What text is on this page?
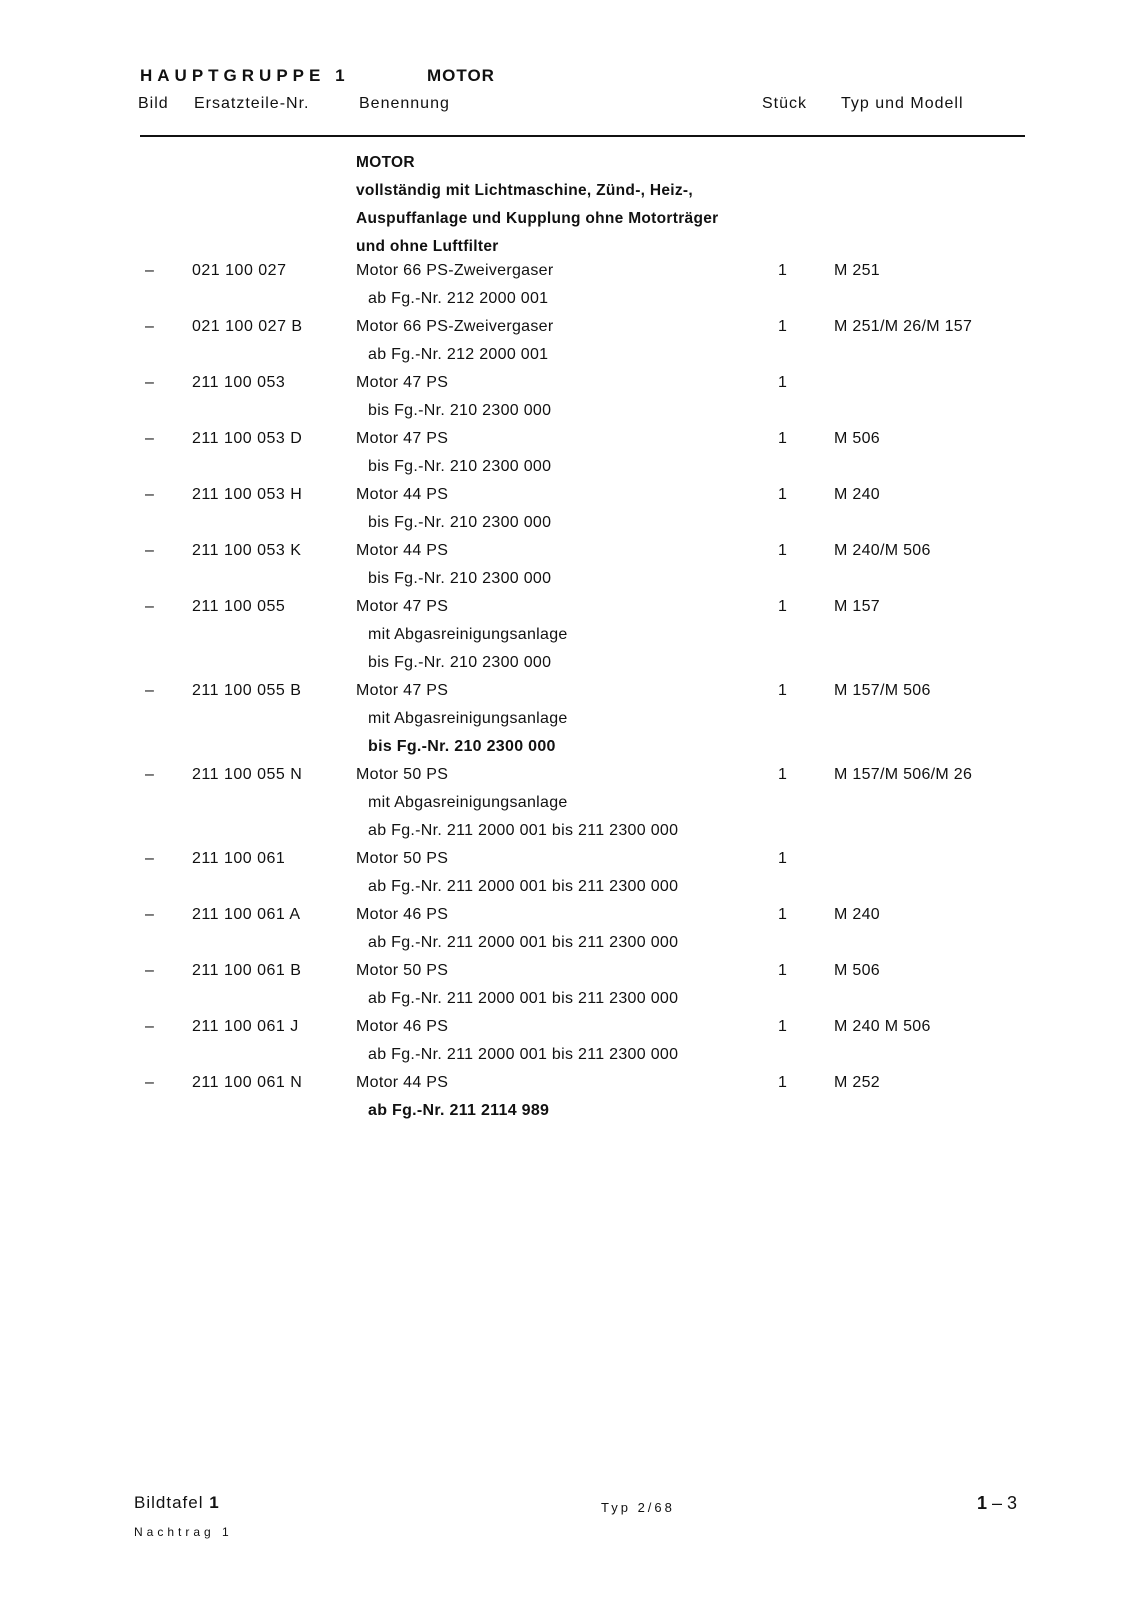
HAUPTGRUPPE 1	MOTOR
Bild Ersatzteile-Nr.	Benennung	Stück Typ und Modell
MOTOR
vollständig mit Lichtmaschine, Zünd-, Heiz-,
Auspuffanlage und Kupplung ohne Motorträger
und ohne Luftfilter
– 021 100 027	Motor 66 PS-Zweivergaser	1	M 251
ab Fg.-Nr. 212 2000 001
– 021 100 027 B	Motor 66 PS-Zweivergaser	1	M 251/M 26/M 157
ab Fg.-Nr. 212 2000 001
– 211 100 053	Motor 47 PS	1
bis Fg.-Nr. 210 2300 000
– 211 100 053 D	Motor 47 PS	1	M 506
bis Fg.-Nr. 210 2300 000
– 211 100 053 H	Motor 44 PS	1	M 240
bis Fg.-Nr. 210 2300 000
– 211 100 053 K	Motor 44 PS	1	M 240/M 506
bis Fg.-Nr. 210 2300 000
– 211 100 055	Motor 47 PS	1	M 157
mit Abgasreinigungsanlage
bis Fg.-Nr. 210 2300 000
– 211 100 055 B	Motor 47 PS	1	M 157/M 506
mit Abgasreinigungsanlage
bis Fg.-Nr. 210 2300 000
– 211 100 055 N	Motor 50 PS	1	M 157/M 506/M 26
mit Abgasreinigungsanlage
ab Fg.-Nr. 211 2000 001 bis 211 2300 000
– 211 100 061	Motor 50 PS	1
ab Fg.-Nr. 211 2000 001 bis 211 2300 000
– 211 100 061 A	Motor 46 PS	1	M 240
ab Fg.-Nr. 211 2000 001 bis 211 2300 000
– 211 100 061 B	Motor 50 PS	1	M 506
ab Fg.-Nr. 211 2000 001 bis 211 2300 000
– 211 100 061 J	Motor 46 PS	1	M 240 M 506
ab Fg.-Nr. 211 2000 001 bis 211 2300 000
– 211 100 061 N	Motor 44 PS	1	M 252
ab Fg.-Nr. 211 2114 989
Bildtafel 1
Nachtrag 1
Typ 2/68	1 – 3
